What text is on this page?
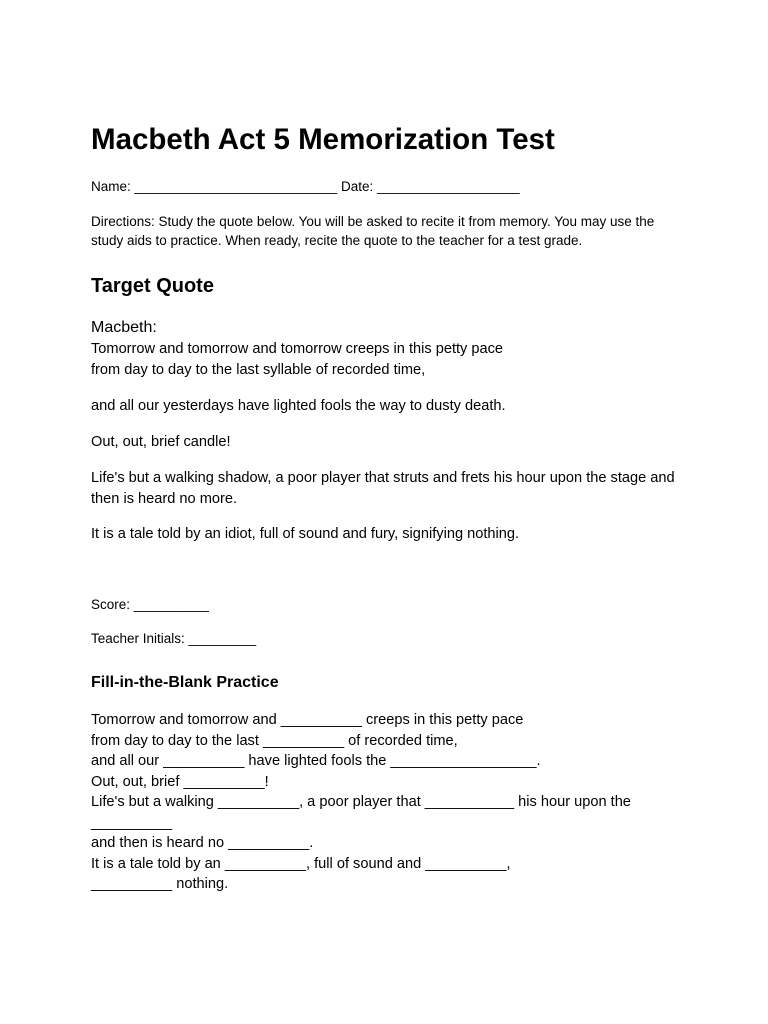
Macbeth Act 5 Memorization Test

Name: ___________________________ Date: ___________________

Directions: Study the quote below. You will be asked to recite it from memory. You may use the study aids to practice. When ready, recite the quote to the teacher for a test grade.

Target Quote
Macbeth:
Tomorrow and tomorrow and tomorrow creeps in this petty pace
from day to day to the last syllable of recorded time,

and all our yesterdays have lighted fools the way to dusty death.

Out, out, brief candle!

Life's but a walking shadow, a poor player that struts and frets his hour upon the stage and then is heard no more.

It is a tale told by an idiot, full of sound and fury, signifying nothing.

Score: __________

Teacher Initials: _________

Fill-in-the-Blank Practice
Tomorrow and tomorrow and __________ creeps in this petty pace
from day to day to the last __________ of recorded time,
and all our __________ have lighted fools the __________________.
Out, out, brief __________!
Life's but a walking __________, a poor player that ___________ his hour upon the
__________
and then is heard no __________.
It is a tale told by an __________, full of sound and __________,
__________ nothing.
